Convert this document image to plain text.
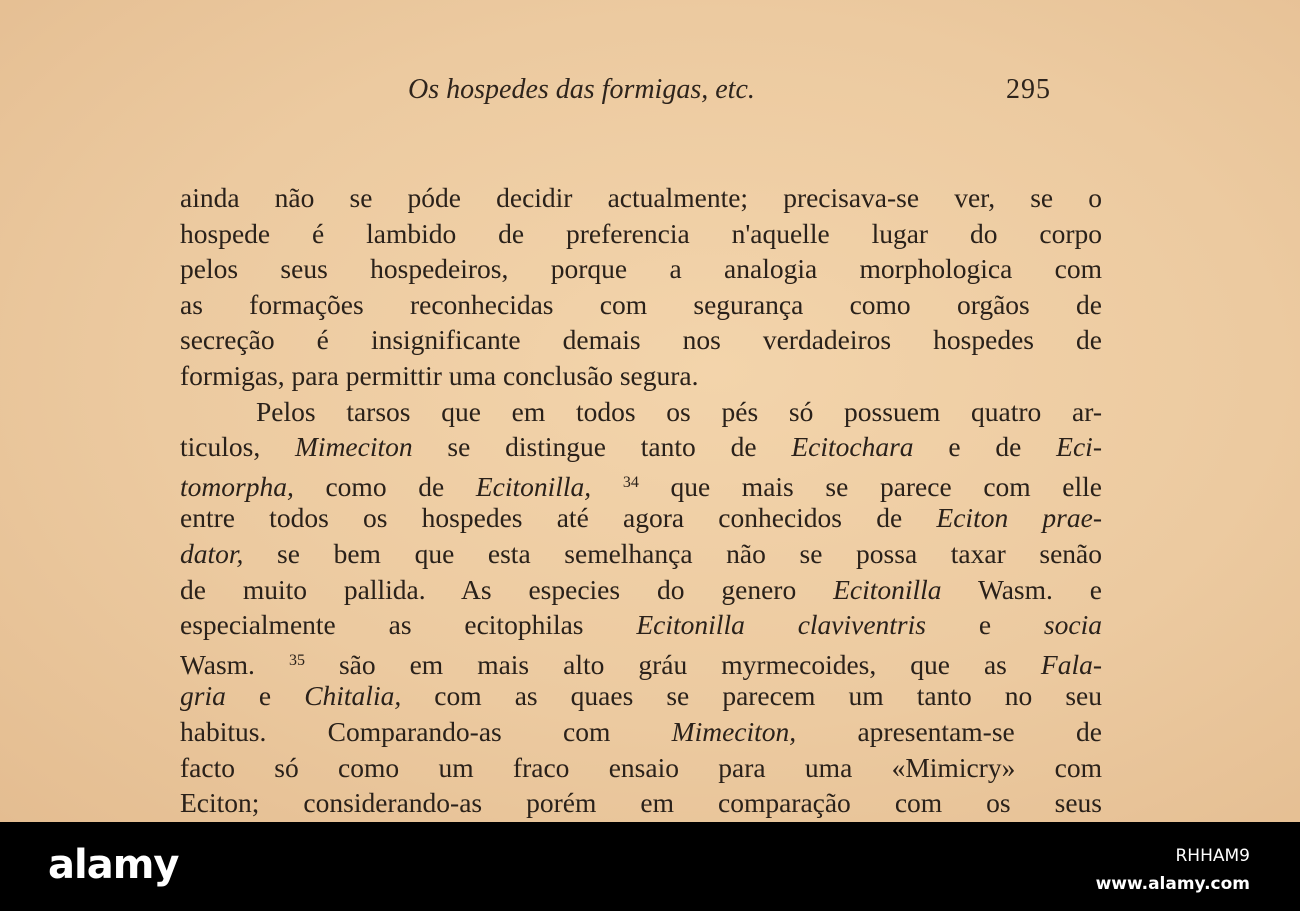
Os hospedes das formigas, etc.	295
ainda não se póde decidir actualmente; precisava-se ver, se o
hospede é lambido de preferencia n'aquelle lugar do corpo
pelos seus hospedeiros, porque a analogia morphologica com
as formações reconhecidas com segurança como orgãos de
secreção é insignificante demais nos verdadeiros hospedes de
formigas, para permittir uma conclusão segura.
Pelos tarsos que em todos os pés só possuem quatro ar-
ticulos, Mimeciton se distingue tanto de Ecitochara e de Eci-
tomorpha, como de Ecitonilla, $^{34}$ que mais se parece com elle
entre todos os hospedes até agora conhecidos de Eciton prae-
dator, se bem que esta semelhança não se possa taxar senão
de muito pallida. As especies do genero Ecitonilla Wasm. e
especialmente as ecitophilas Ecitonilla claviventris e socia
Wasm. $^{35}$ são em mais alto gráu myrmecoides, que as Fala-
gria e Chitalia, com as quaes se parecem um tanto no seu
habitus. Comparando-as com Mimeciton, apresentam-se de
facto só como um fraco ensaio para uma «Mimicry» com
Eciton; considerando-as porém em comparação com os seus
alamy	RHHAM9
www.alamy.com
